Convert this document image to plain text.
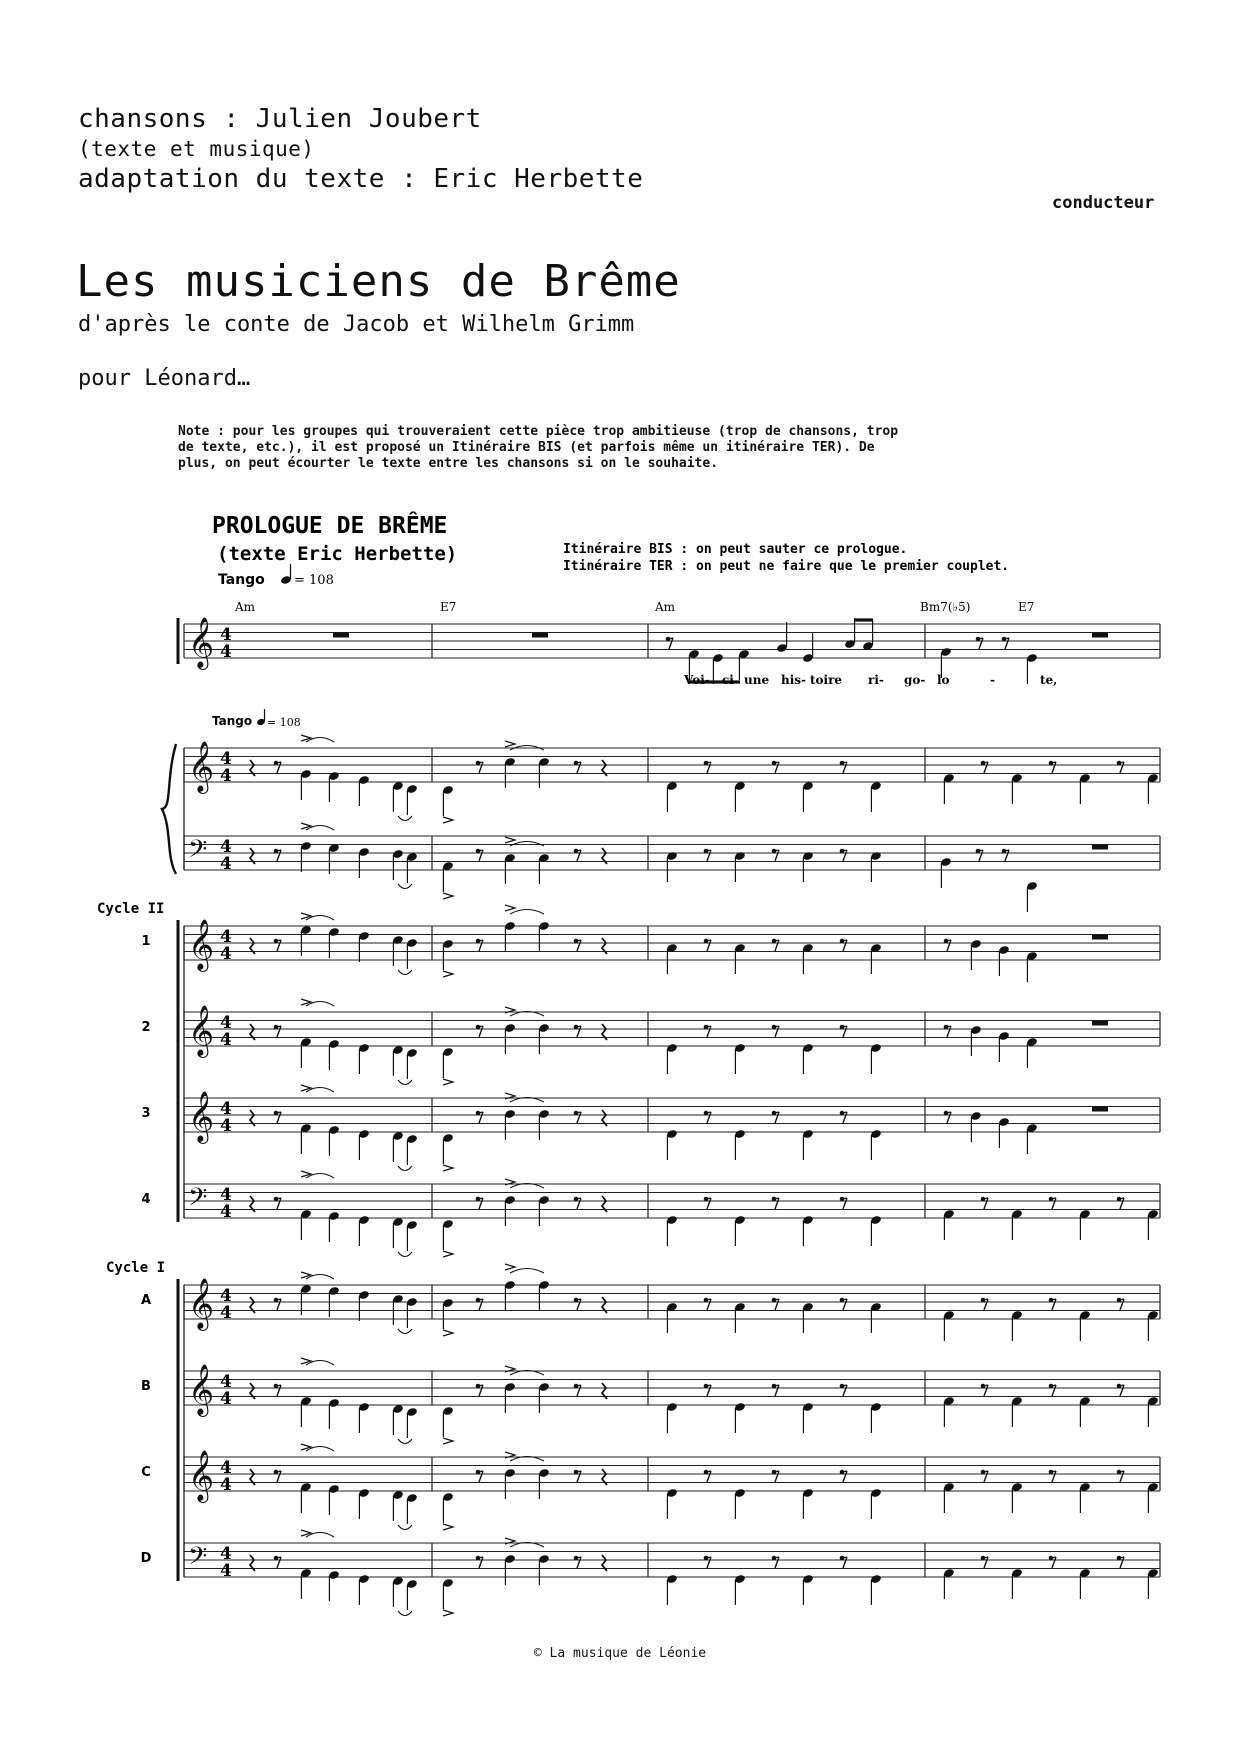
chansons : Julien Joubert
(texte et musique)
adaptation du texte : Eric Herbette
conducteur
Les musiciens de Brême
d'après le conte de Jacob et Wilhelm Grimm
pour Léonard…
Note : pour les groupes qui trouveraient cette pièce trop ambitieuse (trop de chansons, trop de texte, etc.), il est proposé un Itinéraire BIS (et parfois même un itinéraire TER). De plus, on peut écourter le texte entre les chansons si on le souhaite.
𝄞 4
4
𝄞 4
4
𝄢 4
4
𝄞 4
4
𝄞 4
4
𝄞 4
4
𝄢 4
4
𝄞 4
4
𝄞 4
4
𝄞 4
4
𝄢 4
4
PROLOGUE DE BRÊME
(texte Eric Herbette)	Itinéraire BIS : on peut sauter ce prologue.
Itinéraire TER : on peut ne faire que le premier couplet.
Tango = 108
Tango = 108
Am	E7	Am	Bm7(♭5)	E7
Voi- ci une his- toire ri- go- lo	-	te,
Cycle II
1
2
3
4
Cycle I
A
B
C
D
© La musique de Léonie
